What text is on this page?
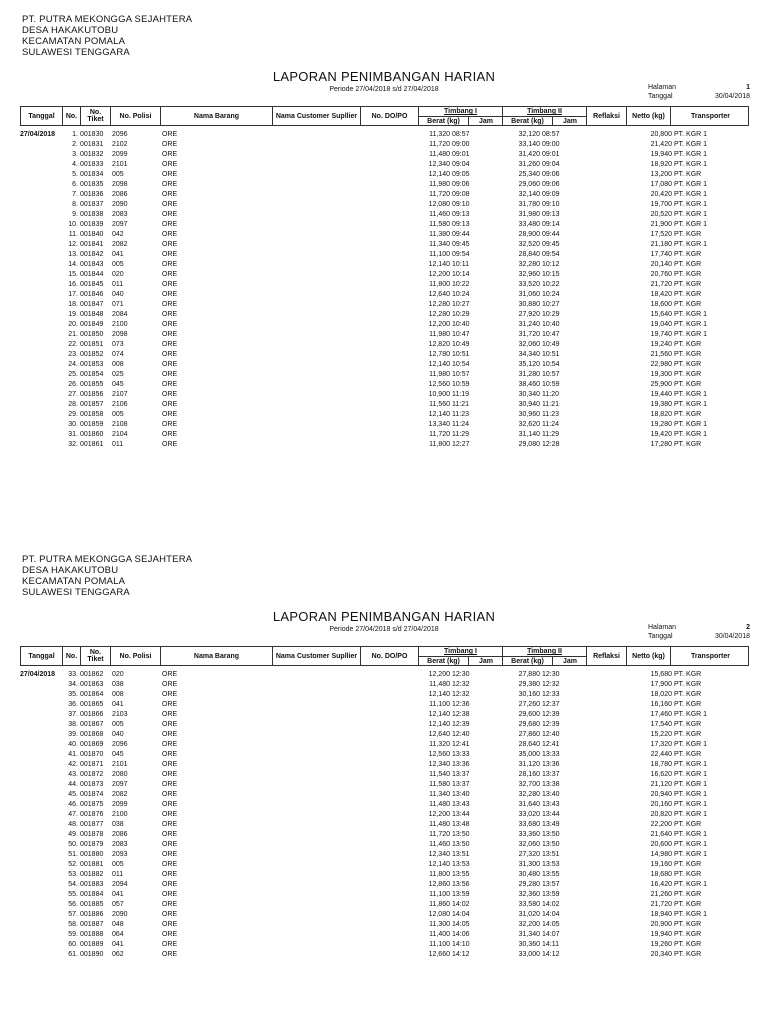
PT. PUTRA MEKONGGA SEJAHTERA
DESA HAKAKUTOBU
KECAMATAN POMALA
SULAWESI TENGGARA
LAPORAN PENIMBANGAN HARIAN
Periode 27/04/2018 s/d 27/04/2018	Halaman	1
Tanggal	30/04/2018
Tanggal	No.	No. Tiket	No. Polisi	Nama Barang	Nama Customer Supllier	No. DO/PO
Timbang I
Berat (kg)	Jam
Timbang II
Berat (kg)	Jam
Reflaksi	Netto (kg)	Transporter
27/04/2018	1. 001830 2096	ORE	11,320 08:57	32,120 08:57	20,800 PT. KGR 1
2. 001831 2102	ORE	11,720 09:00	33,140 09:00	21,420 PT. KGR 1
3. 001832 2099	ORE	11,480 09:01	31,420 09:01	19,940 PT. KGR 1
4. 001833 2101	ORE	12,340 09:04	31,260 09:04	18,920 PT. KGR 1
5. 001834 005	ORE	12,140 09:05	25,340 09:06	13,200 PT. KGR
6. 001835 2098	ORE	11,980 09:06	29,060 09:06	17,080 PT. KGR 1
7. 001836 2086	ORE	11,720 09:08	32,140 09:09	20,420 PT. KGR 1
8. 001837 2090	ORE	12,080 09:10	31,780 09:10	19,700 PT. KGR 1
9. 001838 2083	ORE	11,460 09:13	31,980 09:13	20,520 PT. KGR 1
10. 001839 2097	ORE	11,580 09:13	33,480 09:14	21,900 PT. KGR 1
11. 001840 042	ORE	11,380 09:44	28,900 09:44	17,520 PT. KGR
12. 001841 2082	ORE	11,340 09:45	32,520 09:45	21,180 PT. KGR 1
13. 001842 041	ORE	11,100 09:54	28,840 09:54	17,740 PT. KGR
14. 001843 005	ORE	12,140 10:11	32,280 10:12	20,140 PT. KGR
15. 001844 020	ORE	12,200 10:14	32,960 10:15	20,760 PT. KGR
16. 001845 011	ORE	11,800 10:22	33,520 10:22	21,720 PT. KGR
17. 001846 040	ORE	12,640 10:24	31,060 10:24	18,420 PT. KGR
18. 001847 071	ORE	12,280 10:27	30,880 10:27	18,600 PT. KGR
19. 001848 2084	ORE	12,280 10:29	27,920 10:29	15,640 PT. KGR 1
20. 001849 2100	ORE	12,200 10:40	31,240 10:40	19,040 PT. KGR 1
21. 001850 2098	ORE	11,980 10:47	31,720 10:47	19,740 PT. KGR 1
22. 001851 073	ORE	12,820 10:49	32,060 10:49	19,240 PT. KGR
23. 001852 074	ORE	12,780 10:51	34,340 10:51	21,560 PT. KGR
24. 001853 008	ORE	12,140 10:54	35,120 10:54	22,980 PT. KGR
25. 001854 025	ORE	11,980 10:57	31,280 10:57	19,300 PT. KGR
26. 001855 045	ORE	12,560 10:59	38,460 10:59	25,900 PT. KGR
27. 001856 2107	ORE	10,900 11:19	30,340 11:20	19,440 PT. KGR 1
28. 001857 2106	ORE	11,560 11:21	30,940 11:21	19,380 PT. KGR 1
29. 001858 005	ORE	12,140 11:23	30,960 11:23	18,820 PT. KGR
30. 001859 2108	ORE	13,340 11:24	32,620 11:24	19,280 PT. KGR 1
31. 001860 2104	ORE	11,720 11:29	31,140 11:29	19,420 PT. KGR 1
32. 001861 011	ORE	11,800 12:27	29,080 12:28	17,280 PT. KGR
PT. PUTRA MEKONGGA SEJAHTERA
DESA HAKAKUTOBU
KECAMATAN POMALA
SULAWESI TENGGARA
LAPORAN PENIMBANGAN HARIAN
Periode 27/04/2018 s/d 27/04/2018	Halaman	2
Tanggal	30/04/2018
Tanggal	No.	No. Tiket	No. Polisi	Nama Barang	Nama Customer Supllier	No. DO/PO
Timbang I
Berat (kg)	Jam
Timbang II
Berat (kg)	Jam
Reflaksi	Netto (kg)	Transporter
27/04/2018	33. 001862 020	ORE	12,200 12:30	27,880 12:30	15,680 PT. KGR
34. 001863 038	ORE	11,480 12:32	29,380 12:32	17,900 PT. KGR
35. 001864 008	ORE	12,140 12:32	30,160 12:33	18,020 PT. KGR
36. 001865 041	ORE	11,100 12:36	27,260 12:37	16,160 PT. KGR
37. 001866 2103	ORE	12,140 12:38	29,600 12:39	17,460 PT. KGR 1
38. 001867 005	ORE	12,140 12:39	29,680 12:39	17,540 PT. KGR
39. 001868 040	ORE	12,640 12:40	27,860 12:40	15,220 PT. KGR
40. 001869 2096	ORE	11,320 12:41	28,640 12:41	17,320 PT. KGR 1
41. 001870 045	ORE	12,560 13:33	35,000 13:33	22,440 PT. KGR
42. 001871 2101	ORE	12,340 13:36	31,120 13:36	18,780 PT. KGR 1
43. 001872 2080	ORE	11,540 13:37	28,160 13:37	16,620 PT. KGR 1
44. 001873 2097	ORE	11,580 13:37	32,700 13:38	21,120 PT. KGR 1
45. 001874 2082	ORE	11,340 13:40	32,280 13:40	20,940 PT. KGR 1
46. 001875 2099	ORE	11,480 13:43	31,640 13:43	20,160 PT. KGR 1
47. 001876 2100	ORE	12,200 13:44	33,020 13:44	20,820 PT. KGR 1
48. 001877 038	ORE	11,480 13:48	33,680 13:49	22,200 PT. KGR
49. 001878 2086	ORE	11,720 13:50	33,360 13:50	21,640 PT. KGR 1
50. 001879 2083	ORE	11,460 13:50	32,060 13:50	20,600 PT. KGR 1
51. 001880 2093	ORE	12,340 13:51	27,320 13:51	14,980 PT. KGR 1
52. 001881 005	ORE	12,140 13:53	31,300 13:53	19,160 PT. KGR
53. 001882 011	ORE	11,800 13:55	30,480 13:55	18,680 PT. KGR
54. 001883 2094	ORE	12,860 13:56	29,280 13:57	16,420 PT. KGR 1
55. 001884 041	ORE	11,100 13:59	32,360 13:59	21,260 PT. KGR
56. 001885 057	ORE	11,860 14:02	33,580 14:02	21,720 PT. KGR
57. 001886 2090	ORE	12,080 14:04	31,020 14:04	18,940 PT. KGR 1
58. 001887 048	ORE	11,300 14:05	32,200 14:05	20,900 PT. KGR
59. 001888 064	ORE	11,400 14:06	31,340 14:07	19,940 PT. KGR
60. 001889 041	ORE	11,100 14:10	30,360 14:11	19,260 PT. KGR
61. 001890 062	ORE	12,660 14:12	33,000 14:12	20,340 PT. KGR
